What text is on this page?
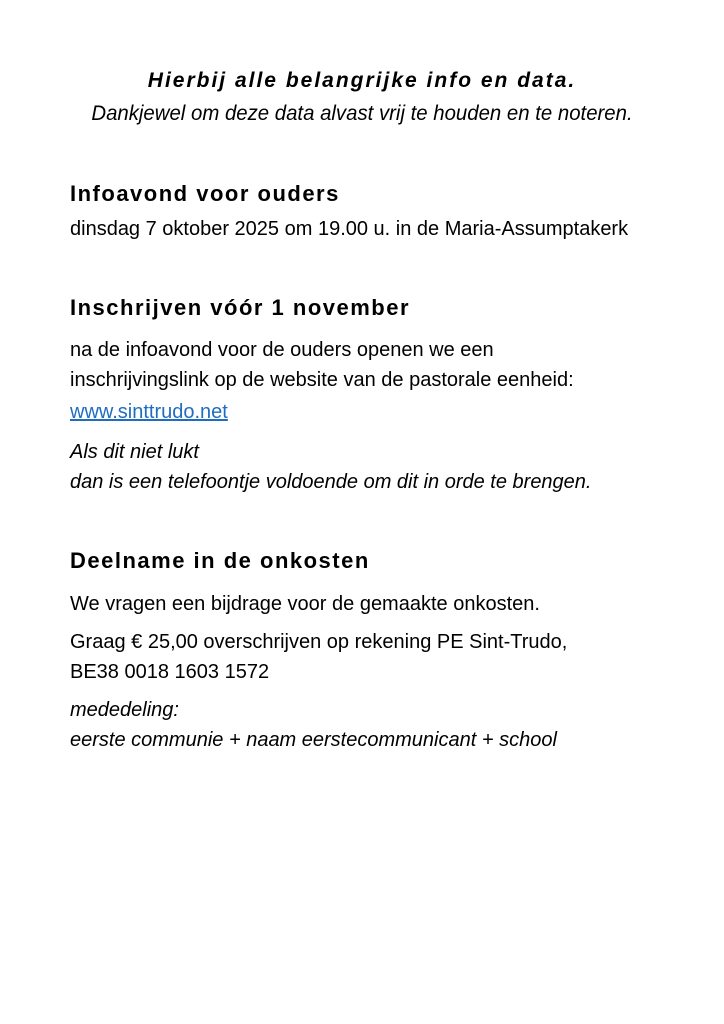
Hierbij alle belangrijke info en data.
Dankjewel om deze data alvast vrij te houden en te noteren.
Infoavond voor ouders
dinsdag 7 oktober 2025 om 19.00 u. in de Maria-Assumptakerk
Inschrijven vóór 1 november
na de infoavond voor de ouders openen we een
inschrijvingslink op de website van de pastorale eenheid:
www.sinttrudo.net
Als dit niet lukt
dan is een telefoontje voldoende om dit in orde te brengen.
Deelname in de onkosten
We vragen een bijdrage voor de gemaakte onkosten.
Graag € 25,00 overschrijven op rekening PE Sint-Trudo,
BE38 0018 1603 1572
mededeling:
eerste communie + naam eerstecommunicant + school
